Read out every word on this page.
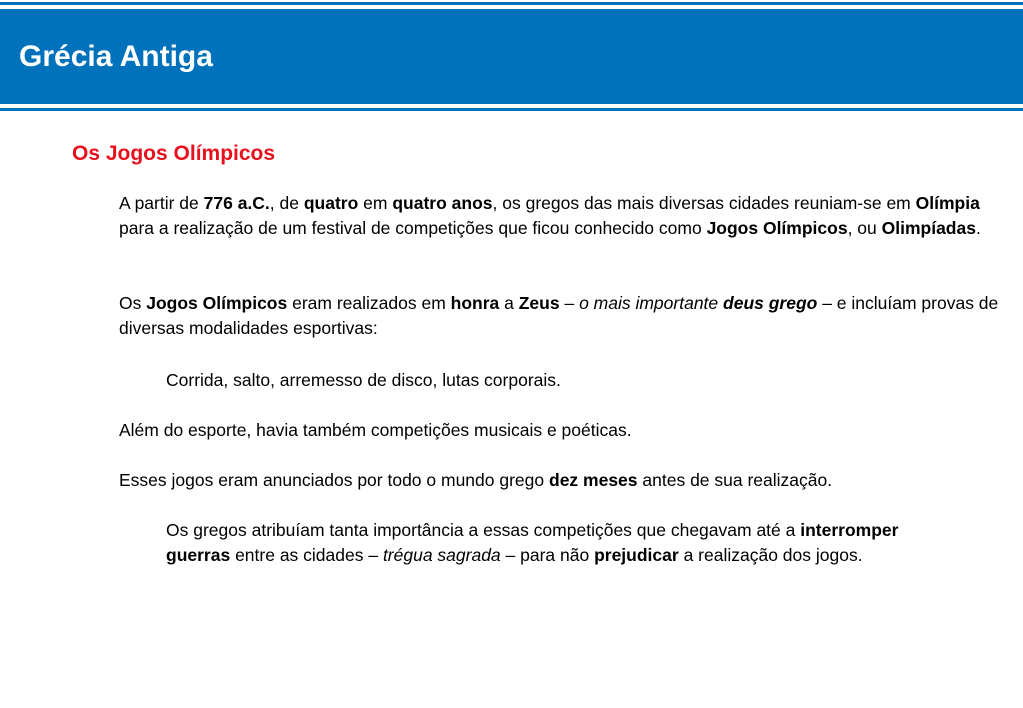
Grécia Antiga
Os Jogos Olímpicos

A partir de 776 a.C., de quatro em quatro anos, os gregos das mais diversas cidades reuniam-se em Olímpia para a realização de um festival de competições que ficou conhecido como Jogos Olímpicos, ou Olimpíadas.

Os Jogos Olímpicos eram realizados em honra a Zeus – o mais importante deus grego – e incluíam provas de diversas modalidades esportivas:

Corrida, salto, arremesso de disco, lutas corporais.

Além do esporte, havia também competições musicais e poéticas.

Esses jogos eram anunciados por todo o mundo grego dez meses antes de sua realização.

Os gregos atribuíam tanta importância a essas competições que chegavam até a interromper guerras entre as cidades – trégua sagrada – para não prejudicar a realização dos jogos.
